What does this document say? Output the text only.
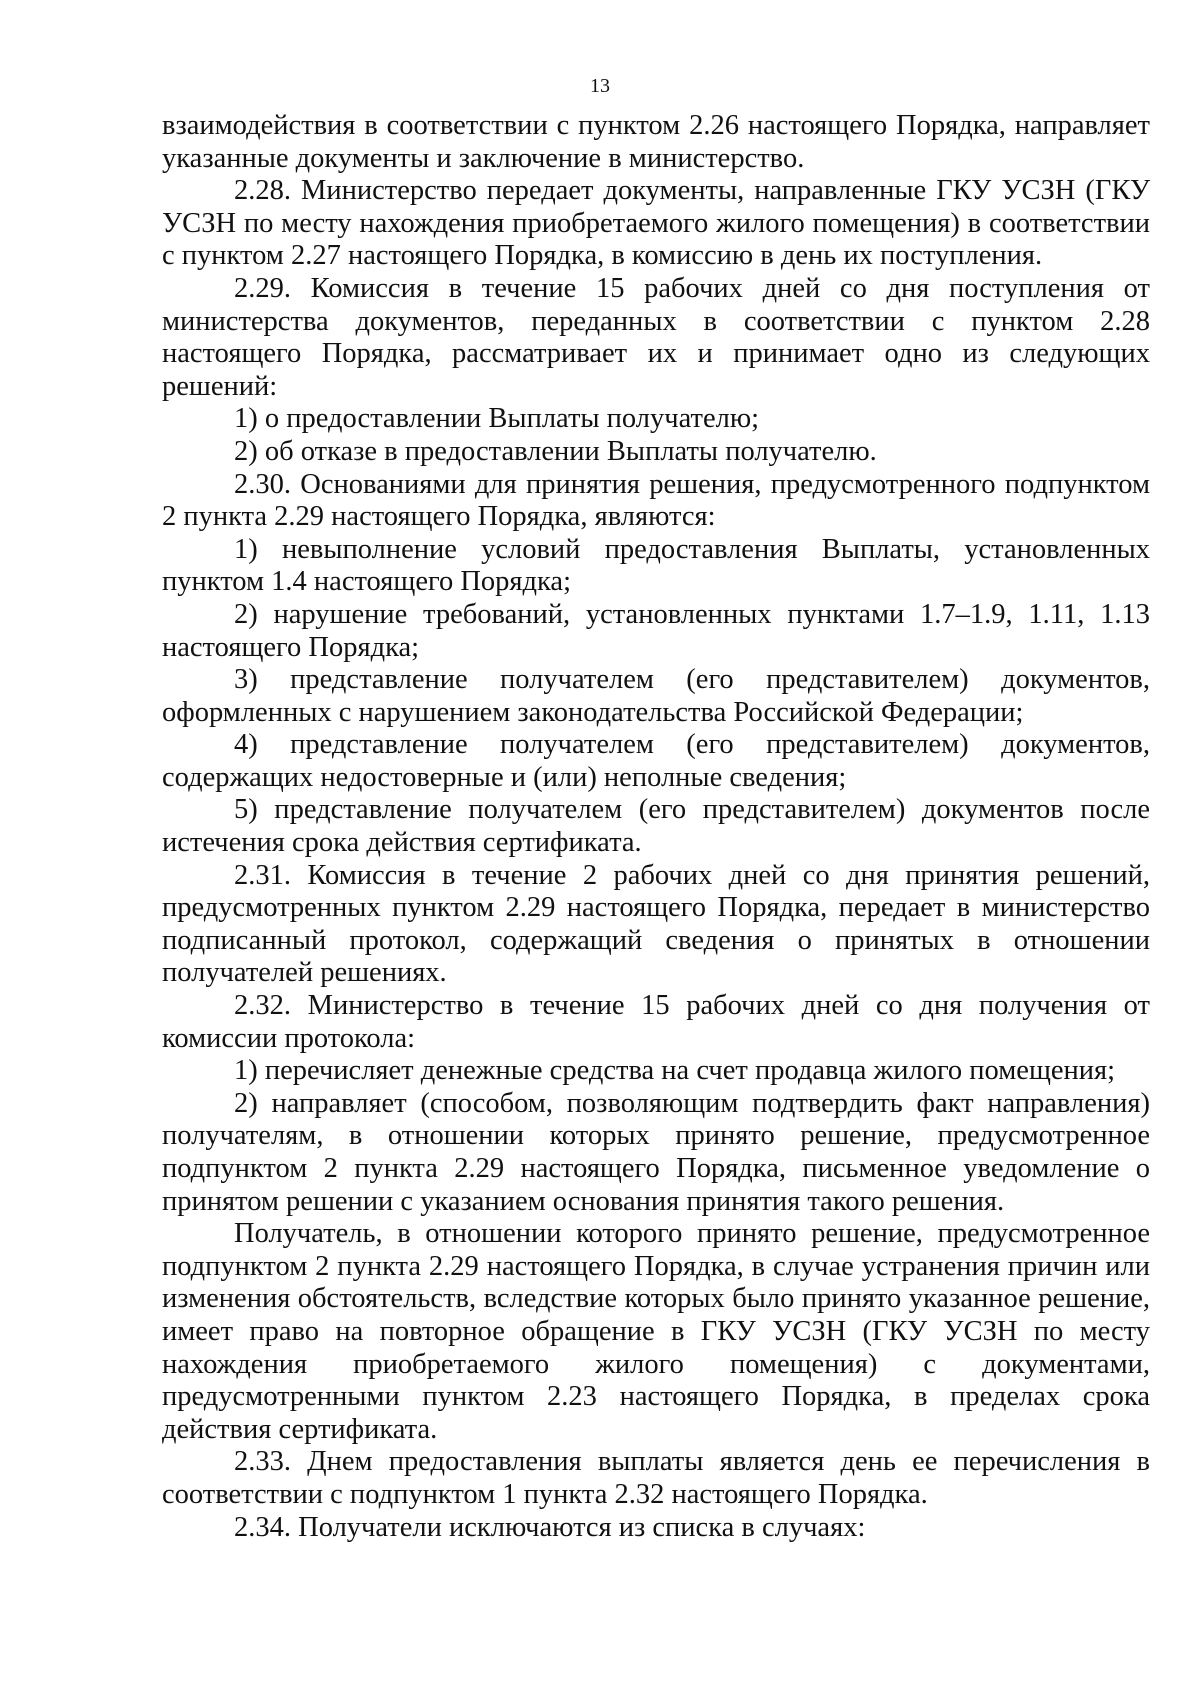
13

взаимодействия в соответствии с пунктом 2.26 настоящего Порядка, направляет указанные документы и заключение в министерство.

2.28. Министерство передает документы, направленные ГКУ УСЗН (ГКУ УСЗН по месту нахождения приобретаемого жилого помещения) в соответствии с пунктом 2.27 настоящего Порядка, в комиссию в день их поступления.

2.29. Комиссия в течение 15 рабочих дней со дня поступления от министерства документов, переданных в соответствии с пунктом 2.28 настоящего Порядка, рассматривает их и принимает одно из следующих решений:

1) о предоставлении Выплаты получателю;

2) об отказе в предоставлении Выплаты получателю.

2.30. Основаниями для принятия решения, предусмотренного подпунктом 2 пункта 2.29 настоящего Порядка, являются:

1) невыполнение условий предоставления Выплаты, установленных пунктом 1.4 настоящего Порядка;

2) нарушение требований, установленных пунктами 1.7–1.9, 1.11, 1.13 настоящего Порядка;

3) представление получателем (его представителем) документов, оформленных с нарушением законодательства Российской Федерации;

4) представление получателем (его представителем) документов, содержащих недостоверные и (или) неполные сведения;

5) представление получателем (его представителем) документов после истечения срока действия сертификата.

2.31. Комиссия в течение 2 рабочих дней со дня принятия решений, предусмотренных пунктом 2.29 настоящего Порядка, передает в министерство подписанный протокол, содержащий сведения о принятых в отношении получателей решениях.

2.32. Министерство в течение 15 рабочих дней со дня получения от комиссии протокола:

1) перечисляет денежные средства на счет продавца жилого помещения;

2) направляет (способом, позволяющим подтвердить факт направления) получателям, в отношении которых принято решение, предусмотренное подпунктом 2 пункта 2.29 настоящего Порядка, письменное уведомление о принятом решении с указанием основания принятия такого решения.

Получатель, в отношении которого принято решение, предусмотренное подпунктом 2 пункта 2.29 настоящего Порядка, в случае устранения причин или изменения обстоятельств, вследствие которых было принято указанное решение, имеет право на повторное обращение в ГКУ УСЗН (ГКУ УСЗН по месту нахождения приобретаемого жилого помещения) с документами, предусмотренными пунктом 2.23 настоящего Порядка, в пределах срока действия сертификата.

2.33. Днем предоставления выплаты является день ее перечисления в соответствии с подпунктом 1 пункта 2.32 настоящего Порядка.

2.34. Получатели исключаются из списка в случаях:
